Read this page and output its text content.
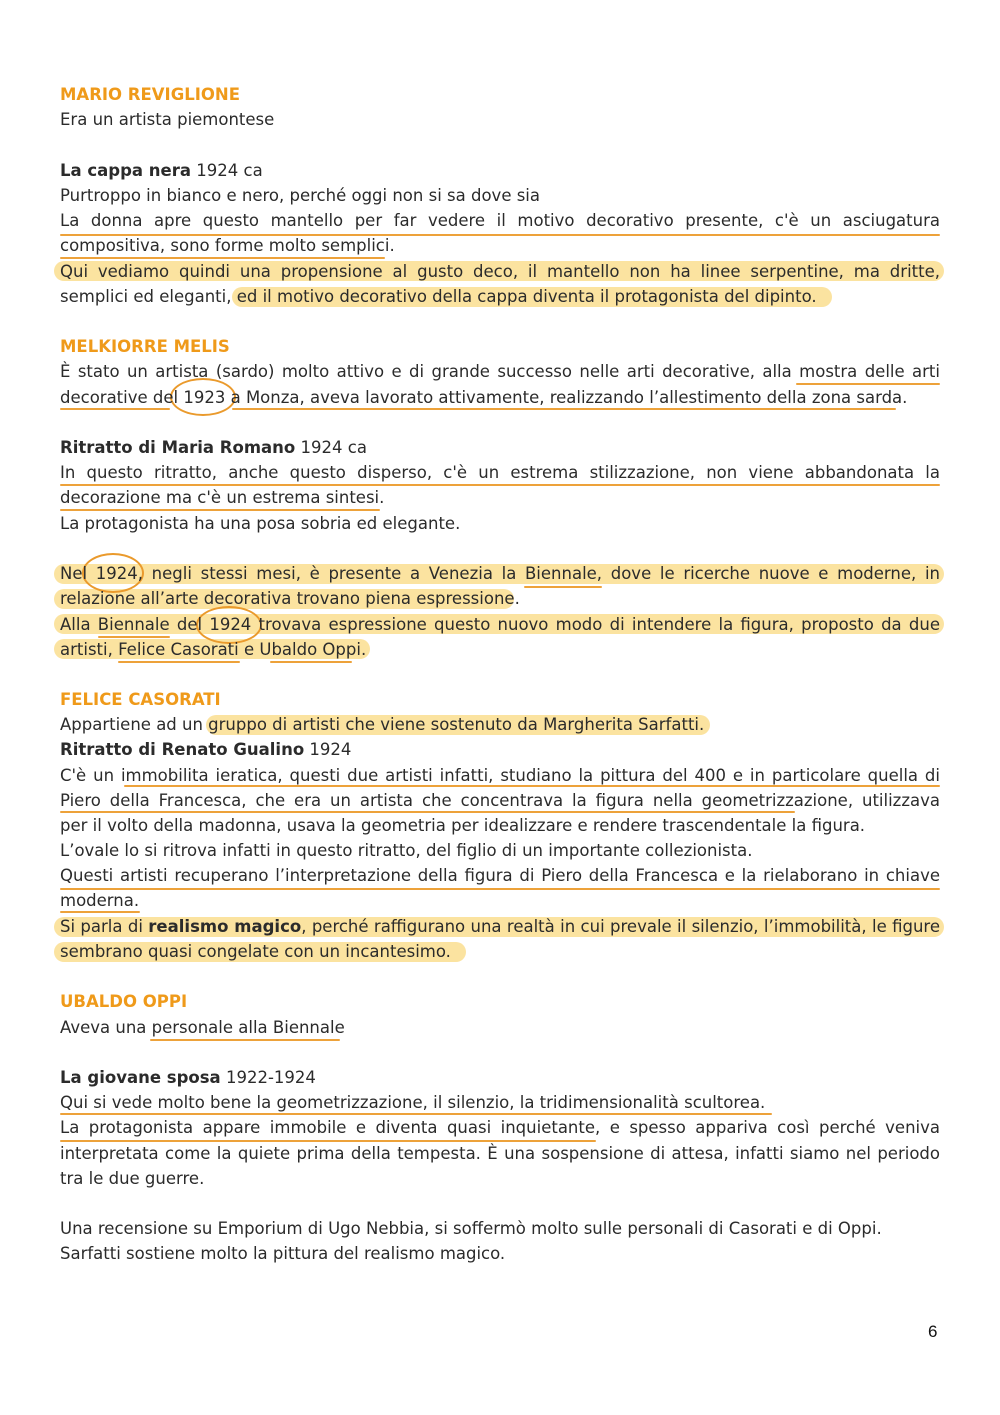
MARIO REVIGLIONE
Era un artista piemontese
La cappa nera 1924 ca
Purtroppo in bianco e nero, perché oggi non si sa dove sia
La donna apre questo mantello per far vedere il motivo decorativo presente, c'è un asciugatura
compositiva, sono forme molto semplici.
Qui vediamo quindi una propensione al gusto deco, il mantello non ha linee serpentine, ma dritte,
semplici ed eleganti, ed il motivo decorativo della cappa diventa il protagonista del dipinto.
MELKIORRE MELIS
È stato un artista (sardo) molto attivo e di grande successo nelle arti decorative, alla mostra delle arti
decorative del 1923 a Monza, aveva lavorato attivamente, realizzando l’allestimento della zona sarda.
Ritratto di Maria Romano 1924 ca
In questo ritratto, anche questo disperso, c'è un estrema stilizzazione, non viene abbandonata la
decorazione ma c'è un estrema sintesi.
La protagonista ha una posa sobria ed elegante.
Nel 1924, negli stessi mesi, è presente a Venezia la Biennale, dove le ricerche nuove e moderne, in
relazione all’arte decorativa trovano piena espressione.
Alla Biennale del 1924 trovava espressione questo nuovo modo di intendere la figura, proposto da due
artisti, Felice Casorati e Ubaldo Oppi.
FELICE CASORATI
Appartiene ad un gruppo di artisti che viene sostenuto da Margherita Sarfatti.
Ritratto di Renato Gualino 1924
C'è un immobilita ieratica, questi due artisti infatti, studiano la pittura del 400 e in particolare quella di
Piero della Francesca, che era un artista che concentrava la figura nella geometrizzazione, utilizzava
per il volto della madonna, usava la geometria per idealizzare e rendere trascendentale la figura.
L’ovale lo si ritrova infatti in questo ritratto, del figlio di un importante collezionista.
Questi artisti recuperano l’interpretazione della figura di Piero della Francesca e la rielaborano in chiave
moderna.
Si parla di realismo magico, perché raffigurano una realtà in cui prevale il silenzio, l’immobilità, le figure
sembrano quasi congelate con un incantesimo.
UBALDO OPPI
Aveva una personale alla Biennale
La giovane sposa 1922-1924
Qui si vede molto bene la geometrizzazione, il silenzio, la tridimensionalità scultorea.
La protagonista appare immobile e diventa quasi inquietante, e spesso appariva così perché veniva
interpretata come la quiete prima della tempesta. È una sospensione di attesa, infatti siamo nel periodo
tra le due guerre.
Una recensione su Emporium di Ugo Nebbia, si soffermò molto sulle personali di Casorati e di Oppi.
Sarfatti sostiene molto la pittura del realismo magico.
6
